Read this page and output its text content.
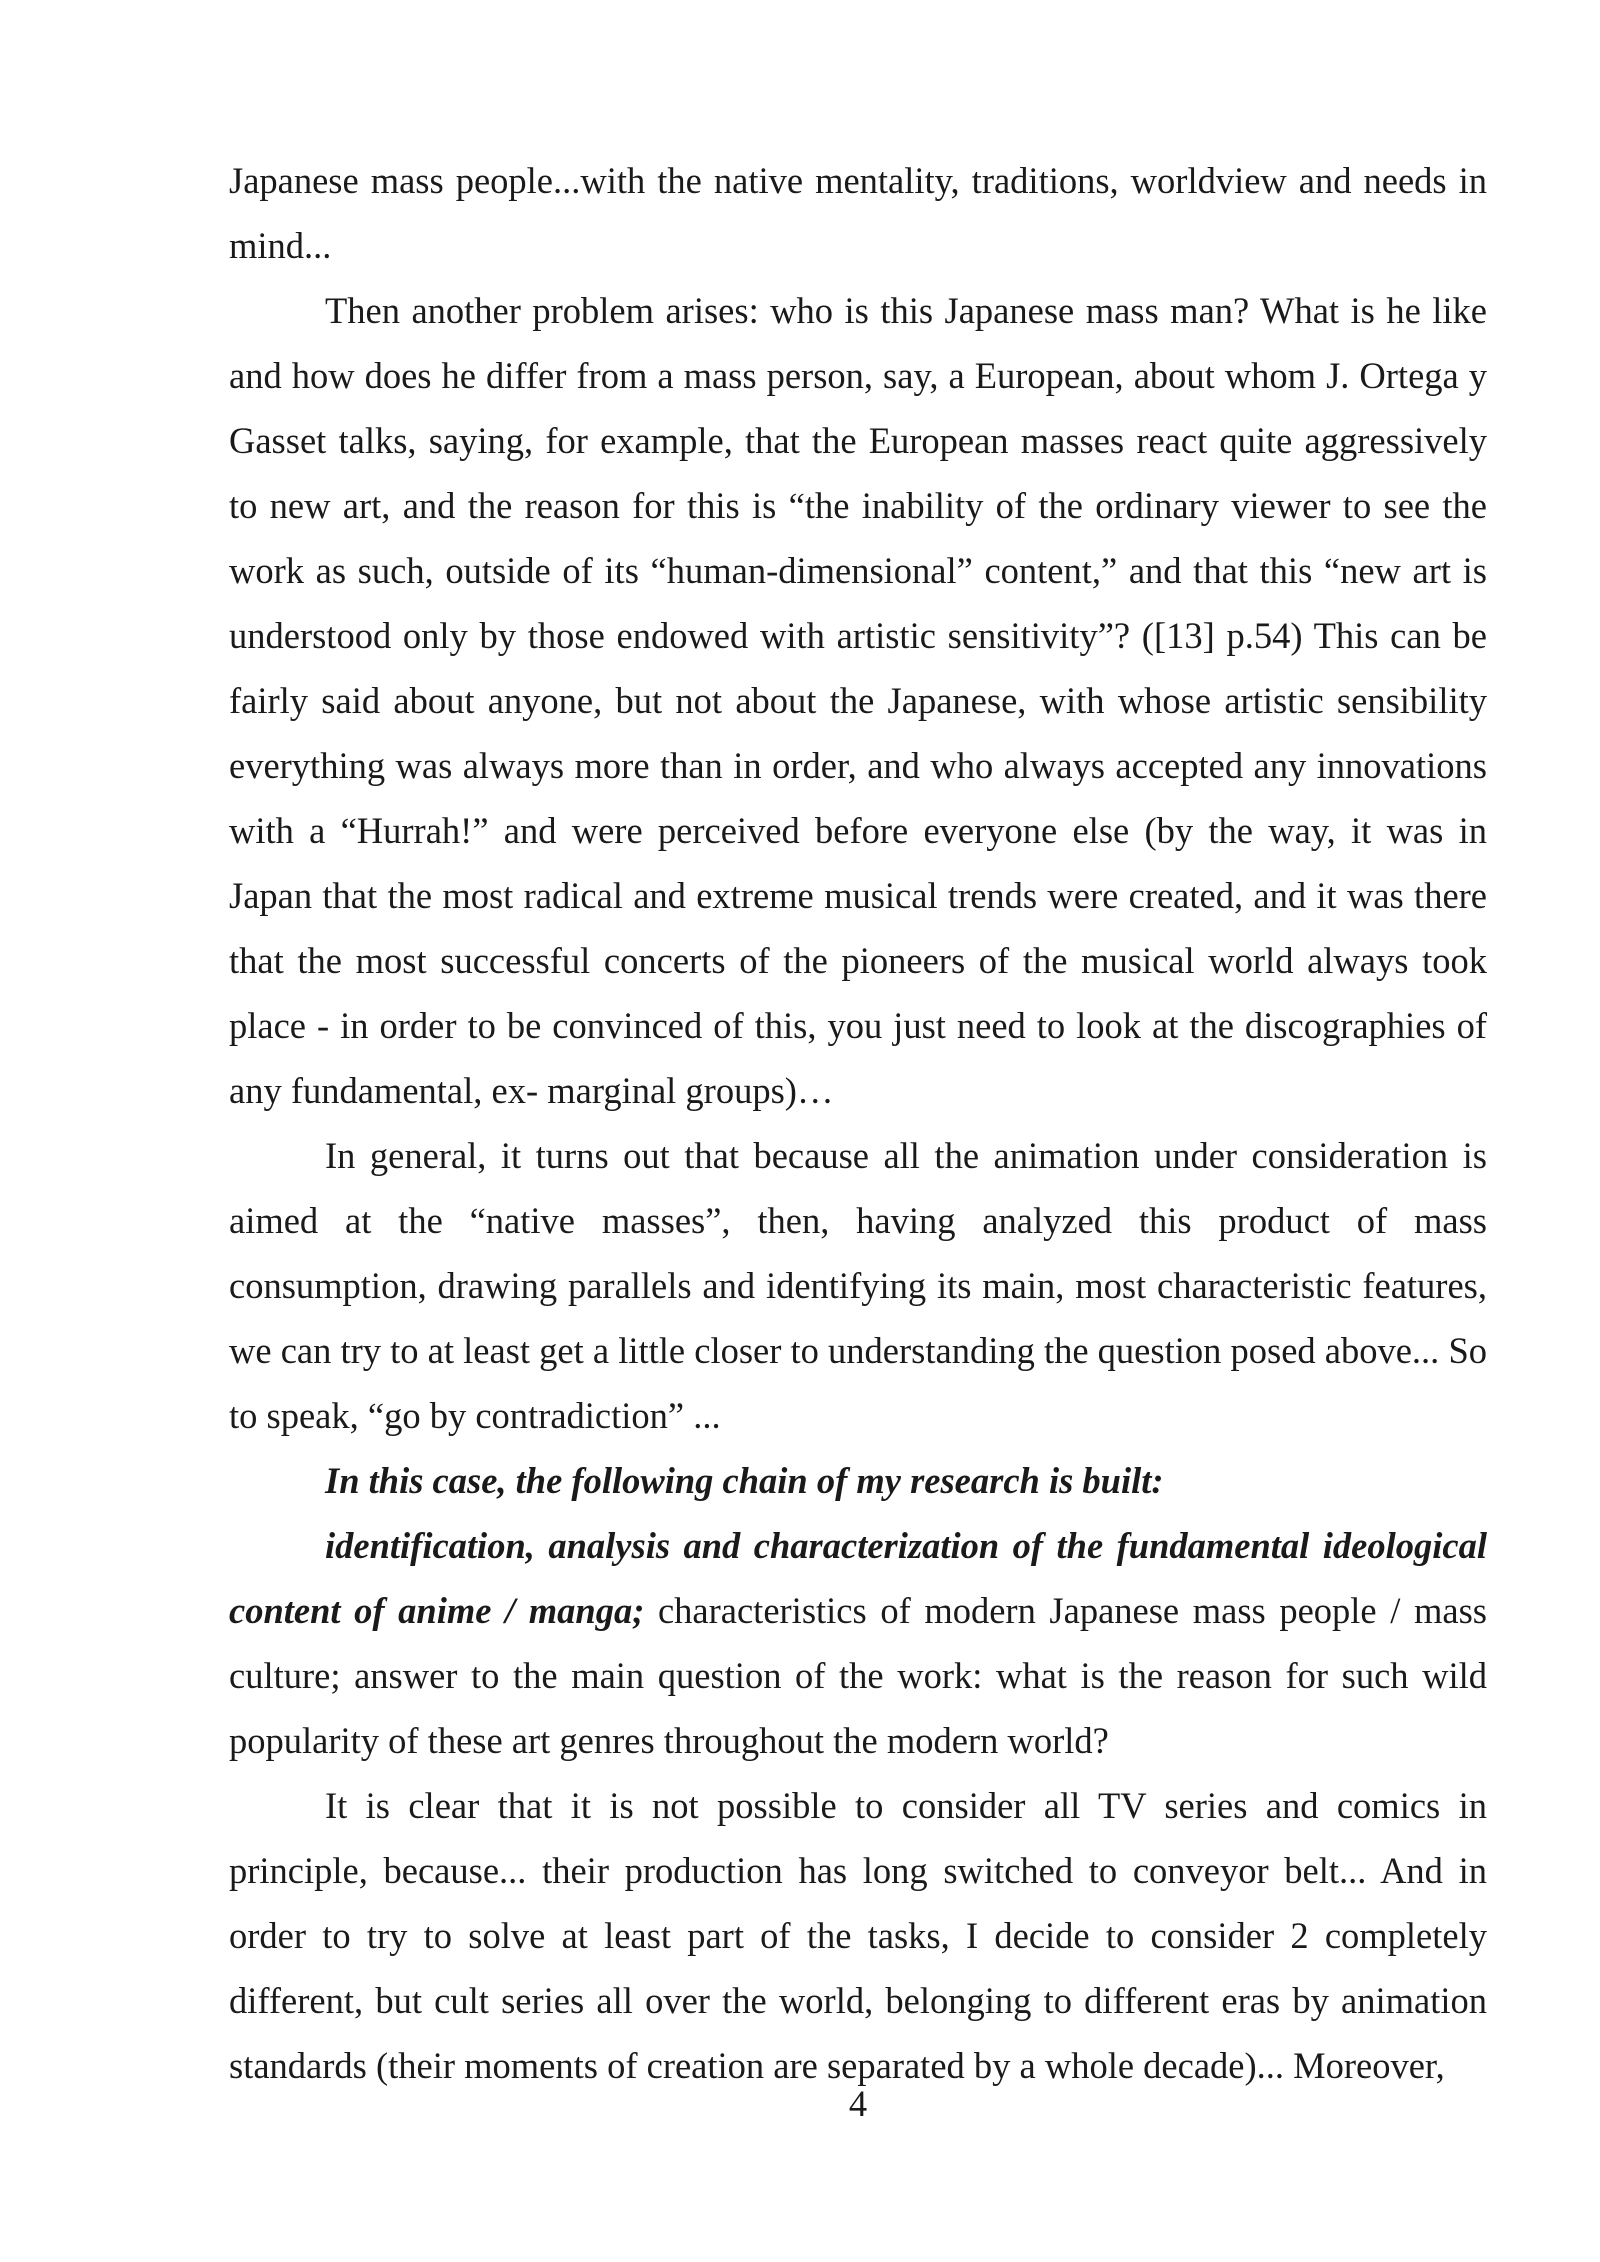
Japanese mass people...with the native mentality, traditions, worldview and needs in mind...

Then another problem arises: who is this Japanese mass man? What is he like and how does he differ from a mass person, say, a European, about whom J. Ortega y Gasset talks, saying, for example, that the European masses react quite aggressively to new art, and the reason for this is “the inability of the ordinary viewer to see the work as such, outside of its “human-dimensional” content,” and that this “new art is understood only by those endowed with artistic sensitivity”? ([13] p.54) This can be fairly said about anyone, but not about the Japanese, with whose artistic sensibility everything was always more than in order, and who always accepted any innovations with a “Hurrah!” and were perceived before everyone else (by the way, it was in Japan that the most radical and extreme musical trends were created, and it was there that the most successful concerts of the pioneers of the musical world always took place - in order to be convinced of this, you just need to look at the discographies of any fundamental, ex- marginal groups)…

In general, it turns out that because all the animation under consideration is aimed at the “native masses”, then, having analyzed this product of mass consumption, drawing parallels and identifying its main, most characteristic features, we can try to at least get a little closer to understanding the question posed above... So to speak, “go by contradiction” ...

In this case, the following chain of my research is built:

identification, analysis and characterization of the fundamental ideological content of anime / manga; characteristics of modern Japanese mass people / mass culture; answer to the main question of the work: what is the reason for such wild popularity of these art genres throughout the modern world?

It is clear that it is not possible to consider all TV series and comics in principle, because... their production has long switched to conveyor belt... And in order to try to solve at least part of the tasks, I decide to consider 2 completely different, but cult series all over the world, belonging to different eras by animation standards (their moments of creation are separated by a whole decade)... Moreover,

4
